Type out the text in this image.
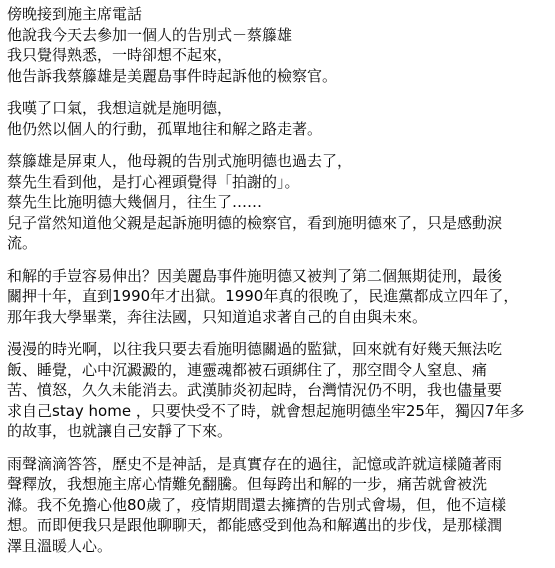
傍晚接到施主席電話
他說我今天去參加一個人的告別式－蔡籐雄
我只覺得熟悉，一時卻想不起來，
他告訴我蔡籐雄是美麗島事件時起訴他的檢察官。
我嘆了口氣，我想這就是施明德，
他仍然以個人的行動，孤單地往和解之路走著。
蔡籐雄是屏東人，他母親的告別式施明德也過去了，
蔡先生看到他，是打心裡頭覺得「拍謝的」。
蔡先生比施明德大幾個月，往生了……
兒子當然知道他父親是起訴施明德的檢察官，看到施明德來了，只是感動淚
流。
和解的手豈容易伸出？因美麗島事件施明德又被判了第二個無期徒刑，最後
關押十年，直到1990年才出獄。1990年真的很晚了，民進黨都成立四年了，
那年我大學畢業，奔往法國，只知道追求著自己的自由與未來。
漫漫的時光啊，以往我只要去看施明德關過的監獄，回來就有好幾天無法吃
飯、睡覺，心中沉澱澱的，連靈魂都被石頭綁住了，那空間令人窒息、痛
苦、憤怒，久久未能消去。武漢肺炎初起時，台灣情況仍不明，我也儘量要
求自己stay home ，只要快受不了時，就會想起施明德坐牢25年，獨囚7年多
的故事，也就讓自己安靜了下來。
雨聲滴滴答答，歷史不是神話，是真實存在的過往，記憶或許就這樣隨著雨
聲釋放，我想施主席心情難免翻騰。但每跨出和解的一步，痛苦就會被洗
滌。我不免擔心他80歲了，疫情期間還去擁擠的告別式會場，但，他不這樣
想。而即便我只是跟他聊聊天，都能感受到他為和解邁出的步伐，是那樣潤
澤且溫暖人心。
